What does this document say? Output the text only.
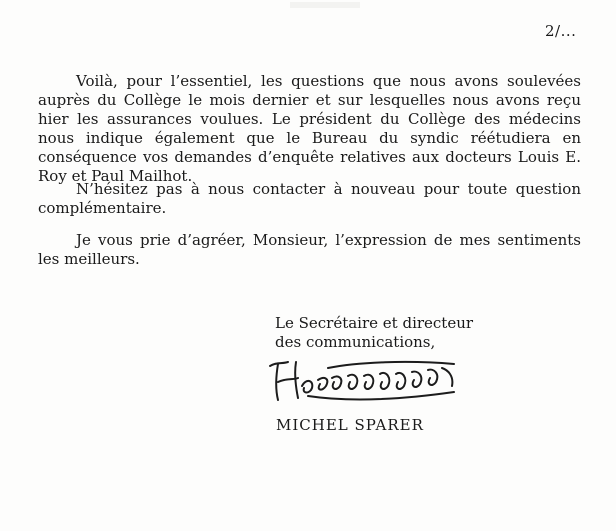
2/...

Voilà, pour l’essentiel, les questions que nous avons soulevées auprès du Collège le mois dernier et sur lesquelles nous avons reçu hier les assurances voulues. Le président du Collège des médecins nous indique également que le Bureau du syndic réétudiera en conséquence vos demandes d’enquête relatives aux docteurs Louis E. Roy et Paul Mailhot.

N’hésitez pas à nous contacter à nouveau pour toute question complémentaire.

Je vous prie d’agréer, Monsieur, l’expression de mes sentiments les meilleurs.

Le Secrétaire et directeur
des communications,
MICHEL SPARER
